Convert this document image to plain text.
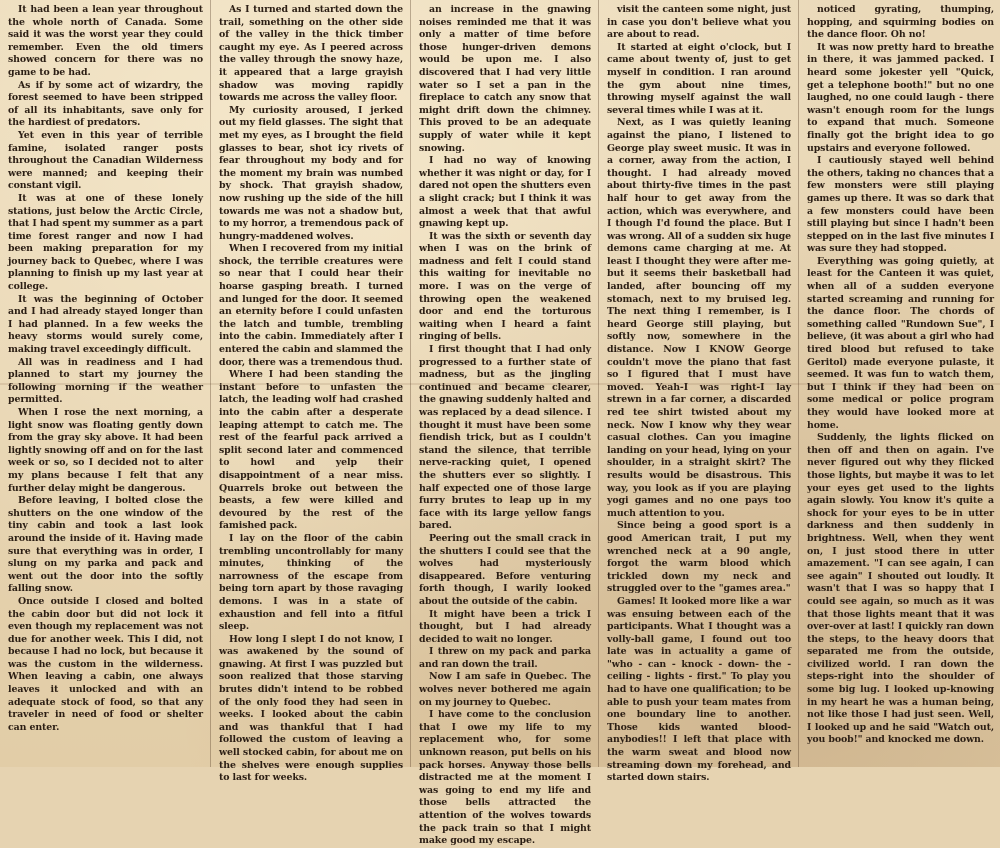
It had been a lean year throughout the whole north of Canada. Some said it was the worst year they could remember. Even the old timers showed concern for there was no game to be had.

As if by some act of wizardry, the forest seemed to have been stripped of all its inhabitants, save only for the hardiest of predators.

Yet even in this year of terrible famine, isolated ranger posts throughout the Canadian Wilderness were manned; and keeping their constant vigil.

It was at one of these lonely stations, just below the Arctic Circle, that I had spent my summer as a part time forest ranger and now I had been making preparation for my journey back to Quebec, where I was planning to finish up my last year at college.

It was the beginning of October and I had already stayed longer than I had planned. In a few weeks the heavy storms would surely come, making travel exceedingly difficult.

All was in readiness and I had planned to start my journey the following morning if the weather permitted.

When I rose the next morning, a light snow was floating gently down from the gray sky above. It had been lightly snowing off and on for the last week or so, so I decided not to alter my plans because I felt that any further delay might be dangerous.

Before leaving, I bolted close the shutters on the one window of the tiny cabin and took a last look around the inside of it. Having made sure that everything was in order, I slung on my parka and pack and went out the door into the softly falling snow.

Once outside I closed and bolted the cabin door but did not lock it even though my replacement was not due for another week. This I did, not because I had no lock, but because it was the custom in the wilderness. When leaving a cabin, one always leaves it unlocked and with an adequate stock of food, so that any traveler in need of food or shelter can enter.

As I turned and started down the trail, something on the other side of the valley in the thick timber caught my eye. As I peered across the valley through the snowy haze, it appeared that a large grayish shadow was moving rapidly towards me across the valley floor.

My curiosity aroused, I jerked out my field glasses. The sight that met my eyes, as I brought the field glasses to bear, shot icy rivets of fear throughout my body and for the moment my brain was numbed by shock. That grayish shadow, now rushing up the side of the hill towards me was not a shadow but, to my horror, a tremendous pack of hungry-maddened wolves.

When I recovered from my initial shock, the terrible creatures were so near that I could hear their hoarse gasping breath. I turned and lunged for the door. It seemed an eternity before I could unfasten the latch and tumble, trembling into the cabin. Immediately after I entered the cabin and slammed the door, there was a tremendous thud.

Where I had been standing the instant before to unfasten the latch, the leading wolf had crashed into the cabin after a desperate leaping attempt to catch me. The rest of the fearful pack arrived a split second later and commenced to howl and yelp their disappointment of a near miss. Quarrels broke out between the beasts, a few were killed and devoured by the rest of the famished pack.

I lay on the floor of the cabin trembling uncontrollably for many minutes, thinking of the narrowness of the escape from being torn apart by those ravaging demons. I was in a state of exhaustion and fell into a fitful sleep.

How long I slept I do not know, I was awakened by the sound of gnawing. At first I was puzzled but soon realized that those starving brutes didn't intend to be robbed of the only food they had seen in weeks. I looked about the cabin and was thankful that I had followed the custom of leaving a well stocked cabin, for about me on the shelves were enough supplies to last for weeks.

an increase in the gnawing noises reminded me that it was only a matter of time before those hunger-driven demons would be upon me. I also discovered that I had very little water so I set a pan in the fireplace to catch any snow that might drift down the chimney. This proved to be an adequate supply of water while it kept snowing.

I had no way of knowing whether it was night or day, for I dared not open the shutters even a slight crack; but I think it was almost a week that that awful gnawing kept up.

It was the sixth or seventh day when I was on the brink of madness and felt I could stand this waiting for inevitable no more. I was on the verge of throwing open the weakened door and end the torturous waiting when I heard a faint ringing of bells.

I first thought that I had only progressed to a further state of madness, but as the jingling continued and became clearer, the gnawing suddenly halted and was replaced by a dead silence. I thought it must have been some fiendish trick, but as I couldn't stand the silence, that terrible nerve-racking quiet, I opened the shutters ever so slightly. I half expected one of those large furry brutes to leap up in my face with its large yellow fangs bared.

Peering out the small crack in the shutters I could see that the wolves had mysteriously disappeared. Before venturing forth though, I warily looked about the outside of the cabin.

It might have been a trick I thought, but I had already decided to wait no longer.

I threw on my pack and parka and ran down the trail.

Now I am safe in Quebec. The wolves never bothered me again on my journey to Quebec.

I have come to the conclusion that I owe my life to my replacement who, for some unknown reason, put bells on his pack horses. Anyway those bells distracted me at the moment I was going to end my life and those bells attracted the attention of the wolves towards the pack train so that I might make good my escape.

visit the canteen some night, just in case you don't believe what you are about to read.

It started at eight o'clock, but I came about twenty of, just to get myself in condition. I ran around the gym about nine times, throwing myself against the wall several times while I was at it.

Next, as I was quietly leaning against the piano, I listened to George play sweet music. It was in a corner, away from the action, I thought. I had already moved about thirty-five times in the past half hour to get away from the action, which was everywhere, and I though I'd found the place. But I was wrong. All of a sudden six huge demons came charging at me. At least I thought they were after me-but it seems their basketball had landed, after bouncing off my stomach, next to my bruised leg. The next thing I remember, is I heard George still playing, but softly now, somewhere in the distance. Now I KNOW George couldn't move the piano that fast so I figured that I must have moved. Yeah-I was right-I lay strewn in a far corner, a discarded red tee shirt twisted about my neck. Now I know why they wear casual clothes. Can you imagine landing on your head, lying on your shoulder, in a straight skirt? The results would be disastrous. This way, you look as if you are playing yogi games and no one pays too much attention to you.

Since being a good sport is a good American trait, I put my wrenched neck at a 90 angle, forgot the warm blood which trickled down my neck and struggled over to the "games area."

Games! It looked more like a war was ensuing between each of the participants. What I thought was a volly-ball game, I found out too late was in actuality a game of "who - can - knock - down- the - ceiling - lights - first." To play you had to have one qualification; to be able to push your team mates from one boundary line to another. Those kids wanted blood-anybodies!! I left that place with the warm sweat and blood now streaming down my forehead, and started down stairs.

noticed gyrating, thumping, hopping, and squirming bodies on the dance floor. Oh no!

It was now pretty hard to breathe in there, it was jammed packed. I heard some jokester yell "Quick, get a telephone booth!" but no one laughed, no one could laugh - there wasn't enough room for the lungs to expand that much. Someone finally got the bright idea to go upstairs and everyone followed.

I cautiously stayed well behind the others, taking no chances that a few monsters were still playing games up there. It was so dark that a few monsters could have been still playing but since I hadn't been stepped on in the last five minutes I was sure they had stopped.

Everything was going quietly, at least for the Canteen it was quiet, when all of a sudden everyone started screaming and running for the dance floor. The chords of something called "Rundown Sue", I believe, (it was about a girl who had tired blood but refused to take Geritol) made everyone pulaste, it seemed. It was fun to watch them, but I think if they had been on some medical or police program they would have looked more at home.

Suddenly, the lights flicked on then off and then on again. I've never figured out why they flicked those lights, but maybe it was to let your eyes get used to the lights again slowly. You know it's quite a shock for your eyes to be in utter darkness and then suddenly in brightness. Well, when they went on, I just stood there in utter amazement. "I can see again, I can see again" I shouted out loudly. It wasn't that I was so happy that I could see again, so much as it was that those lights meant that it was over-over at last! I quickly ran down the steps, to the heavy doors that separated me from the outside, civilized world. I ran down the steps-right into the shoulder of some big lug. I looked up-knowing in my heart he was a human being, not like those I had just seen. Well, I looked up and he said "Watch out, you boob!" and knocked me down.
